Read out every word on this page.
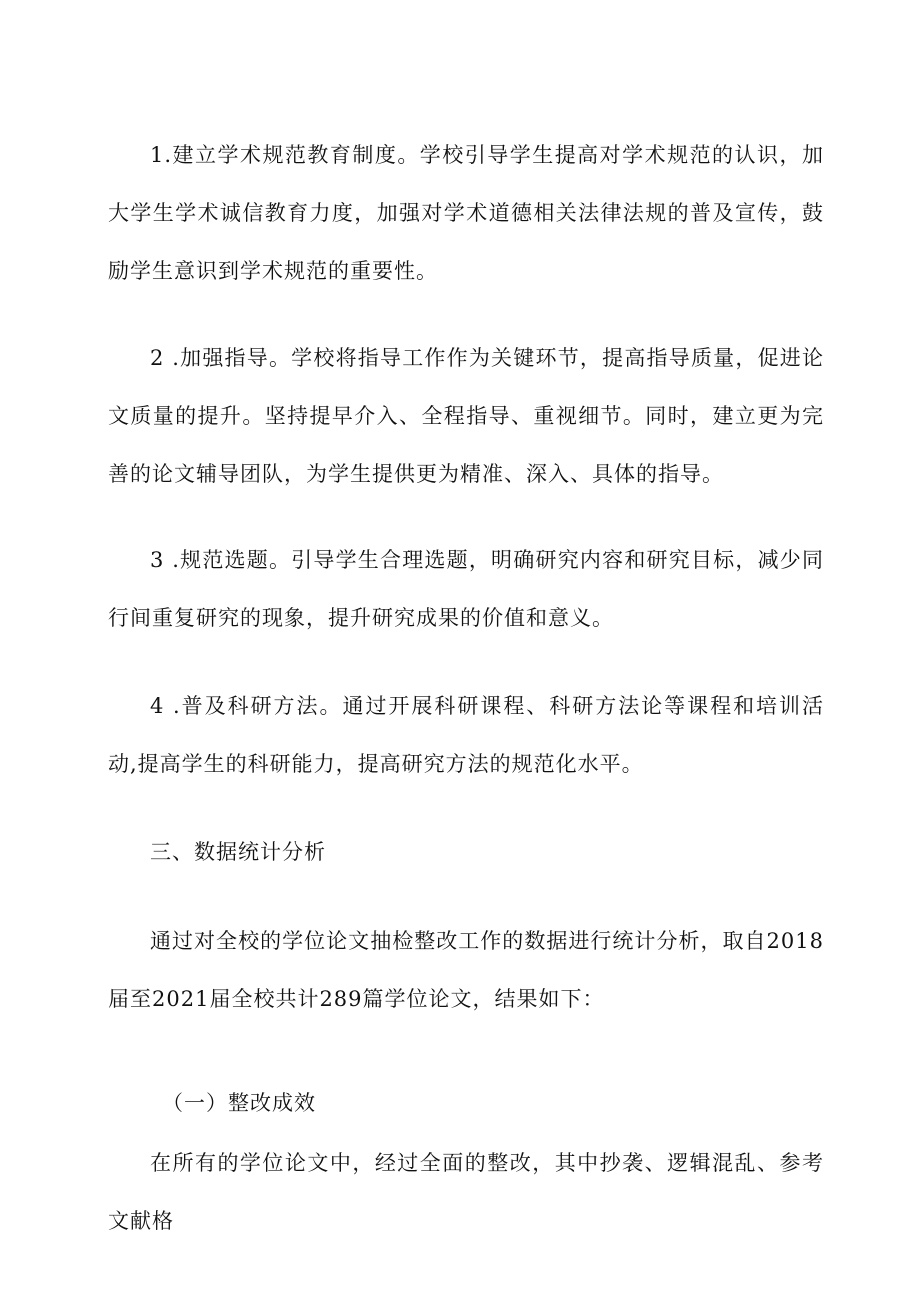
1.建立学术规范教育制度。学校引导学生提高对学术规范的认识，加大学生学术诚信教育力度，加强对学术道德相关法律法规的普及宣传，鼓励学生意识到学术规范的重要性。
2 .加强指导。学校将指导工作作为关键环节，提高指导质量，促进论文质量的提升。坚持提早介入、全程指导、重视细节。同时，建立更为完善的论文辅导团队，为学生提供更为精准、深入、具体的指导。
3 .规范选题。引导学生合理选题，明确研究内容和研究目标，减少同行间重复研究的现象，提升研究成果的价值和意义。
4 .普及科研方法。通过开展科研课程、科研方法论等课程和培训活动,提高学生的科研能力，提高研究方法的规范化水平。
三、数据统计分析
通过对全校的学位论文抽检整改工作的数据进行统计分析，取自2018届至2021届全校共计289篇学位论文，结果如下：
（一）整改成效
在所有的学位论文中，经过全面的整改，其中抄袭、逻辑混乱、参考文献格
